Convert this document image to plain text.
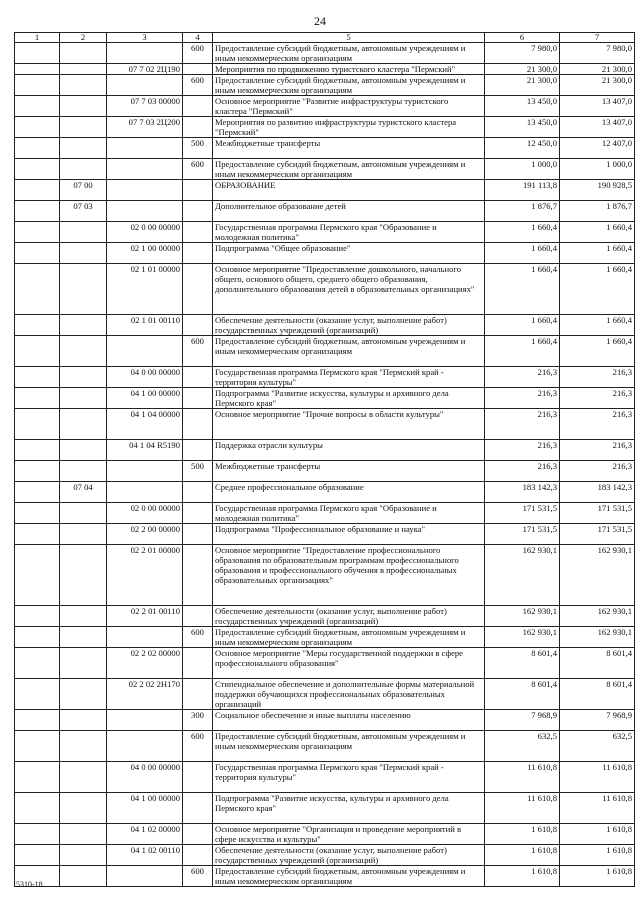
24
1	2	3	4	5	6	7
			600	Предоставление субсидий бюджетным, автономным учреждениям и иным некоммерческим организациям	7 980,0	7 980,0
		07 7 02 2Ц190		Мероприятия по продвижению туристского кластера "Пермский"	21 300,0	21 300,0
			600	Предоставление субсидий бюджетным, автономным учреждениям и иным некоммерческим организациям	21 300,0	21 300,0
		07 7 03 00000		Основное мероприятие "Развитие инфраструктуры туристского кластера "Пермский"	13 450,0	13 407,0
		07 7 03 2Ц200		Мероприятия по развитию инфраструктуры туристского кластера "Пермский"	13 450,0	13 407,0
			500	Межбюджетные трансферты	12 450,0	12 407,0
			600	Предоставление субсидий бюджетным, автономным учреждениям и иным некоммерческим организациям	1 000,0	1 000,0
	07 00			ОБРАЗОВАНИЕ	191 113,8	190 928,5
	07 03			Дополнительное образование детей	1 876,7	1 876,7
		02 0 00 00000		Государственная программа Пермского края "Образование и молодежная политика"	1 660,4	1 660,4
		02 1 00 00000		Подпрограмма "Общее образование"	1 660,4	1 660,4
		02 1 01 00000		Основное мероприятие "Предоставление дошкольного, начального общего, основного общего, среднего общего образования, дополнительного образования детей в образовательных организациях"	1 660,4	1 660,4
		02 1 01 00110		Обеспечение деятельности (оказание услуг, выполнение работ) государственных учреждений (организаций)	1 660,4	1 660,4
			600	Предоставление субсидий бюджетным, автономным учреждениям и иным некоммерческим организациям	1 660,4	1 660,4
		04 0 00 00000		Государственная программа Пермского края "Пермский край - территория культуры"	216,3	216,3
		04 1 00 00000		Подпрограмма "Развитие искусства, культуры и архивного дела Пермского края"	216,3	216,3
		04 1 04 00000		Основное мероприятие "Прочие вопросы в области культуры"	216,3	216,3
		04 1 04 R5190		Поддержка отрасли культуры	216,3	216,3
			500	Межбюджетные трансферты	216,3	216,3
	07 04			Среднее профессиональное образование	183 142,3	183 142,3
		02 0 00 00000		Государственная программа Пермского края "Образование и молодежная политика"	171 531,5	171 531,5
		02 2 00 00000		Подпрограмма "Профессиональное образование и наука"	171 531,5	171 531,5
		02 2 01 00000		Основное мероприятие "Предоставление профессионального образования по образовательным программам профессионального образования и профессионального обучения в профессиональных образовательных организациях"	162 930,1	162 930,1
		02 2 01 00110		Обеспечение деятельности (оказание услуг, выполнение работ) государственных учреждений (организаций)	162 930,1	162 930,1
			600	Предоставление субсидий бюджетным, автономным учреждениям и иным некоммерческим организациям	162 930,1	162 930,1
		02 2 02 00000		Основное мероприятие "Меры государственной поддержки в сфере профессионального образования"	8 601,4	8 601,4
		02 2 02 2Н170		Стипендиальное обеспечение и дополнительные формы материальной поддержки обучающихся профессиональных образовательных организаций	8 601,4	8 601,4
			300	Социальное обеспечение и иные выплаты населению	7 968,9	7 968,9
			600	Предоставление субсидий бюджетным, автономным учреждениям и иным некоммерческим организациям	632,5	632,5
		04 0 00 00000		Государственная программа Пермского края "Пермский край - территория культуры"	11 610,8	11 610,8
		04 1 00 00000		Подпрограмма "Развитие искусства, культуры и архивного дела Пермского края"	11 610,8	11 610,8
		04 1 02 00000		Основное мероприятие "Организация и проведение мероприятий в сфере искусства и культуры"	1 610,8	1 610,8
		04 1 02 00110		Обеспечение деятельности (оказание услуг, выполнение работ) государственных учреждений (организаций)	1 610,8	1 610,8
			600	Предоставление субсидий бюджетным, автономным учреждениям и иным некоммерческим организациям	1 610,8	1 610,8
5310-18
